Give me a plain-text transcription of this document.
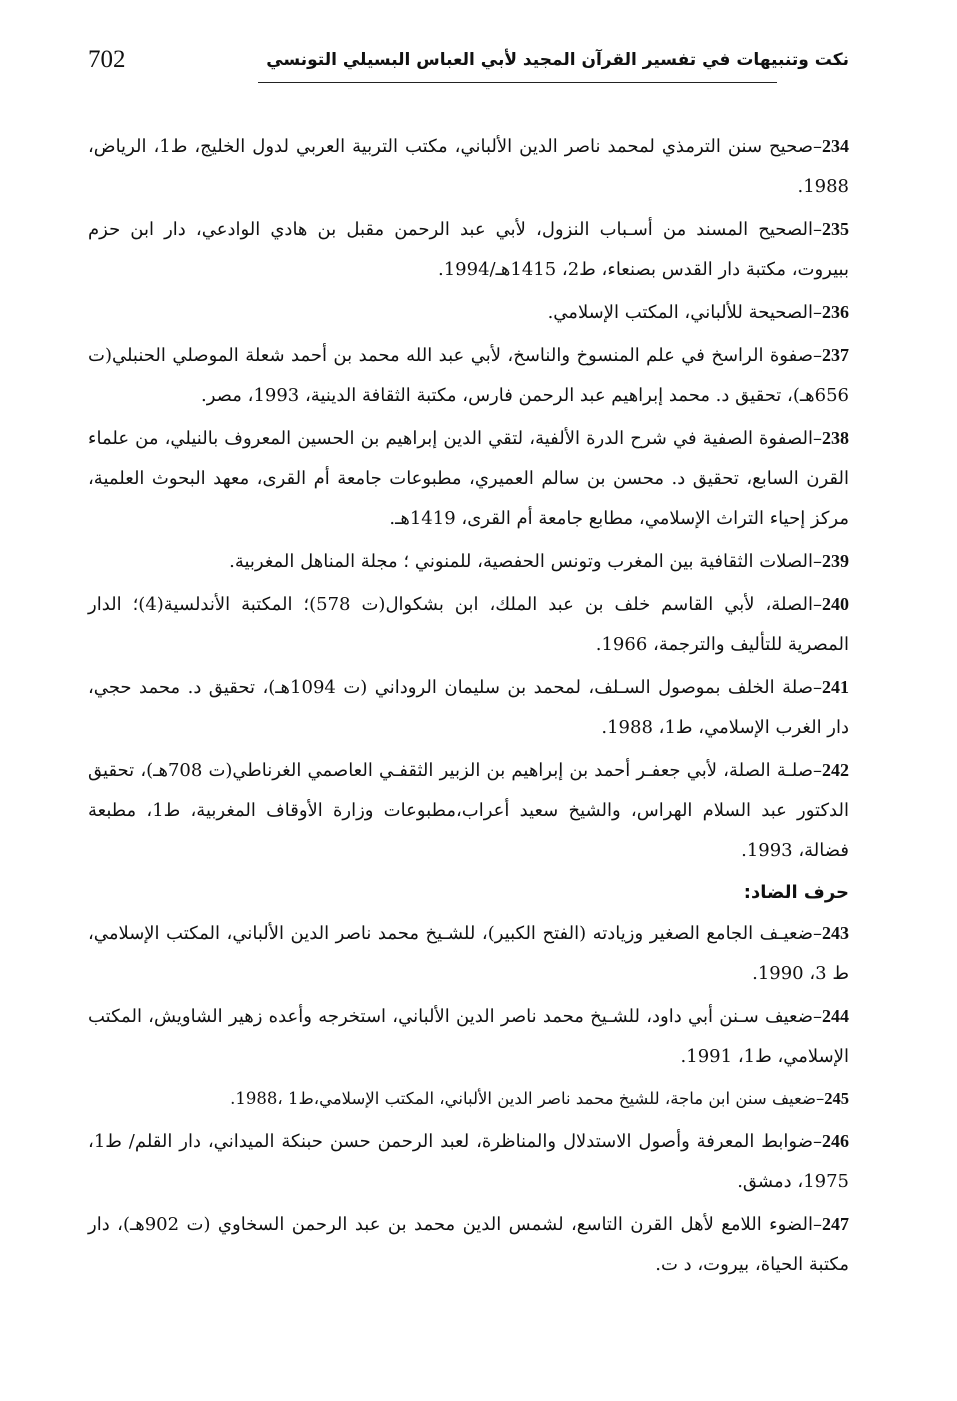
702	نكت وتنبيهات في تفسير القرآن المجيد لأبي العباس البسيلي التونسي

234–صحيح سنن الترمذي لمحمد ناصر الدين الألباني، مكتب التربية العربي لدول الخليج، ط1، الرياض، 1988.

235–الصحيح المسند من أسـباب النزول، لأبي عبد الرحمن مقبل بن هادي الوادعي، دار ابن حزم ببيروت، مكتبة دار القدس بصنعاء، ط2، 1415هـ/1994.

236–الصحيحة للألباني، المكتب الإسلامي.

237–صفوة الراسخ في علم المنسوخ والناسخ، لأبي عبد الله محمد بن أحمد شعلة الموصلي الحنبلي(ت 656هـ)، تحقيق د. محمد إبراهيم عبد الرحمن فارس، مكتبة الثقافة الدينية، 1993، مصر.

238–الصفوة الصفية في شرح الدرة الألفية، لتقي الدين إبراهيم بن الحسين المعروف بالنيلي، من علماء القرن السابع، تحقيق د. محسن بن سالم العميري، مطبوعات جامعة أم القرى، معهد البحوث العلمية، مركز إحياء التراث الإسلامي، مطابع جامعة أم القرى، 1419هـ.

239–الصلات الثقافية بين المغرب وتونس الحفصية، للمنوني ؛ مجلة المناهل المغربية.

240–الصلة، لأبي القاسم خلف بن عبد الملك، ابن بشكوال(ت 578)؛ المكتبة الأندلسية(4)؛ الدار المصرية للتأليف والترجمة، 1966.

241–صلة الخلف بموصول السـلف، لمحمد بن سليمان الروداني (ت 1094هـ)، تحقيق د. محمد حجي، دار الغرب الإسلامي، ط1، 1988.

242–صلـة الصلة، لأبي جعفـر أحمد بن إبراهيم بن الزبير الثقفـي العاصمي الغرناطي(ت 708هـ)، تحقيق الدكتور عبد السلام الهراس، والشيخ سعيد أعراب،مطبوعات وزارة الأوقاف المغربية، ط1، مطبعة فضالة، 1993.

حرف الضاد:

243–ضعيـف الجامع الصغير وزيادته (الفتح الكبير)، للشـيخ محمد ناصر الدين الألباني، المكتب الإسلامي، ط 3، 1990.

244–ضعيف سـنن أبي داود، للشـيخ محمد ناصر الدين الألباني، استخرجه وأعده زهير الشاويش، المكتب الإسلامي، ط1، 1991.

245–ضعيف سنن ابن ماجة، للشيخ محمد ناصر الدين الألباني، المكتب الإسلامي،ط1 ،1988.

246–ضوابط المعرفة وأصول الاستدلال والمناظرة، لعبد الرحمن حسن حبنكة الميداني، دار القلم/ ط1، 1975، دمشق.

247–الضوء اللامع لأهل القرن التاسع، لشمس الدين محمد بن عبد الرحمن السخاوي (ت 902هـ)، دار مكتبة الحياة، بيروت، د ت.
